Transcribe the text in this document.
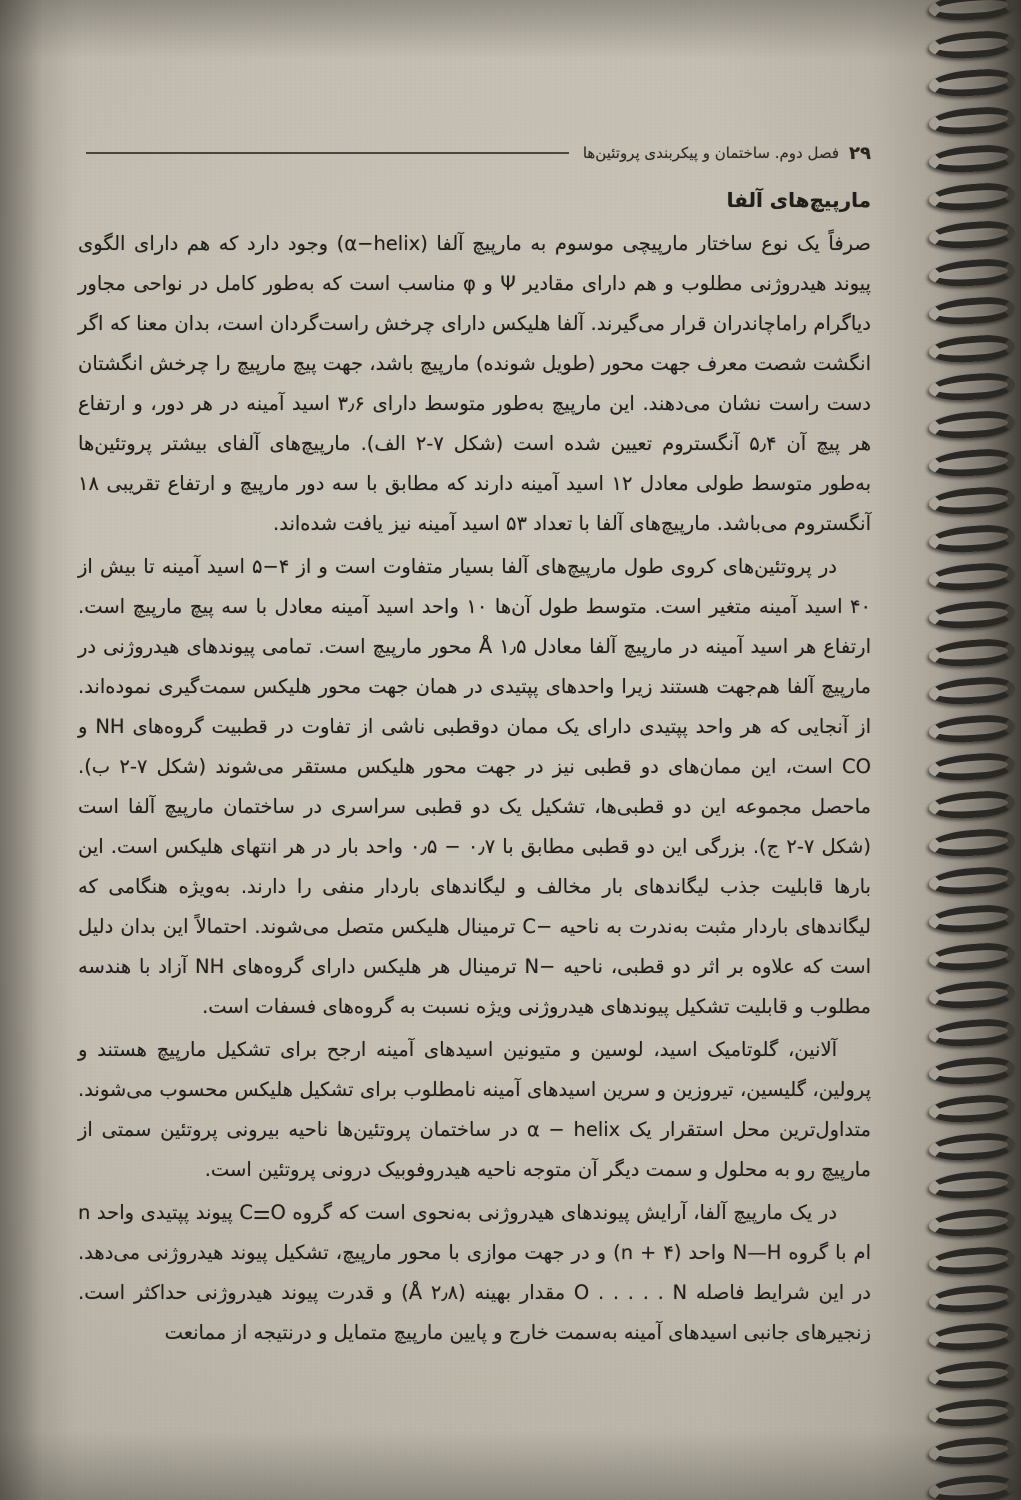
۲۹
فصل دوم. ساختمان و پیکربندی پروتئین‌ها
مارپیچ‌های آلفا

صرفاً یک نوع ساختار مارپیچی موسوم به مارپیچ آلفا (α−helix) وجود دارد که هم دارای الگوی پیوند هیدروژنی مطلوب و هم دارای مقادیر Ψ و φ مناسب است که به‌طور کامل در نواحی مجاور دیاگرام راماچاندران قرار می‌گیرند. آلفا هلیکس دارای چرخش راست‌گردان است، بدان معنا که اگر انگشت شصت معرف جهت محور (طویل شونده) مارپیچ باشد، جهت پیچ مارپیچ را چرخش انگشتان دست راست نشان می‌دهند. این مارپیچ به‌طور متوسط دارای ۳٫۶ اسید آمینه در هر دور، و ارتفاع هر پیچ آن ۵٫۴ آنگستروم تعیین شده است (شکل ۷-۲ الف). مارپیچ‌های آلفای بیشتر پروتئین‌ها به‌طور متوسط طولی معادل ۱۲ اسید آمینه دارند که مطابق با سه دور مارپیچ و ارتفاع تقریبی ۱۸ آنگستروم می‌باشد. مارپیچ‌های آلفا با تعداد ۵۳ اسید آمینه نیز یافت شده‌اند.

در پروتئین‌های کروی طول مارپیچ‌های آلفا بسیار متفاوت است و از ۴−۵ اسید آمینه تا بیش از ۴۰ اسید آمینه متغیر است. متوسط طول آن‌ها ۱۰ واحد اسید آمینه معادل با سه پیچ مارپیچ است. ارتفاع هر اسید آمینه در مارپیچ آلفا معادل ۱٫۵ Å محور مارپیچ است. تمامی پیوندهای هیدروژنی در مارپیچ آلفا هم‌جهت هستند زیرا واحدهای پپتیدی در همان جهت محور هلیکس سمت‌گیری نموده‌اند. از آنجایی که هر واحد پپتیدی دارای یک ممان دوقطبی ناشی از تفاوت در قطبیت گروه‌های NH و CO است، این ممان‌های دو قطبی نیز در جهت محور هلیکس مستقر می‌شوند (شکل ۷-۲ ب). ماحصل مجموعه این دو قطبی‌ها، تشکیل یک دو قطبی سراسری در ساختمان مارپیچ آلفا است (شکل ۷-۲ ج). بزرگی این دو قطبی مطابق با ۰٫۷ − ۰٫۵ واحد بار در هر انتهای هلیکس است. این بارها قابلیت جذب لیگاندهای بار مخالف و لیگاندهای باردار منفی را دارند. به‌ویژه هنگامی که لیگاندهای باردار مثبت به‌ندرت به ناحیه −C ترمینال هلیکس متصل می‌شوند. احتمالاً این بدان دلیل است که علاوه بر اثر دو قطبی، ناحیه −N ترمینال هر هلیکس دارای گروه‌های NH آزاد با هندسه مطلوب و قابلیت تشکیل پیوندهای هیدروژنی ویژه نسبت به گروه‌های فسفات است.

آلانین، گلوتامیک اسید، لوسین و متیونین اسیدهای آمینه ارجح برای تشکیل مارپیچ هستند و پرولین، گلیسین، تیروزین و سرین اسیدهای آمینه نامطلوب برای تشکیل هلیکس محسوب می‌شوند. متداول‌ترین محل استقرار یک α − helix در ساختمان پروتئین‌ها ناحیه بیرونی پروتئین سمتی از مارپیچ رو به محلول و سمت دیگر آن متوجه ناحیه هیدروفوبیک درونی پروتئین است.

در یک مارپیچ آلفا، آرایش پیوندهای هیدروژنی به‌نحوی است که گروه C⚌O پیوند پپتیدی واحد n ام با گروه N—H واحد (۴ + n) و در جهت موازی با محور مارپیچ، تشکیل پیوند هیدروژنی می‌دهد. در این شرایط فاصله O . . . . . N مقدار بهینه (۲٫۸ Å) و قدرت پیوند هیدروژنی حداکثر است. زنجیرهای جانبی اسیدهای آمینه به‌سمت خارج و پایین مارپیچ متمایل و درنتیجه از ممانعت
